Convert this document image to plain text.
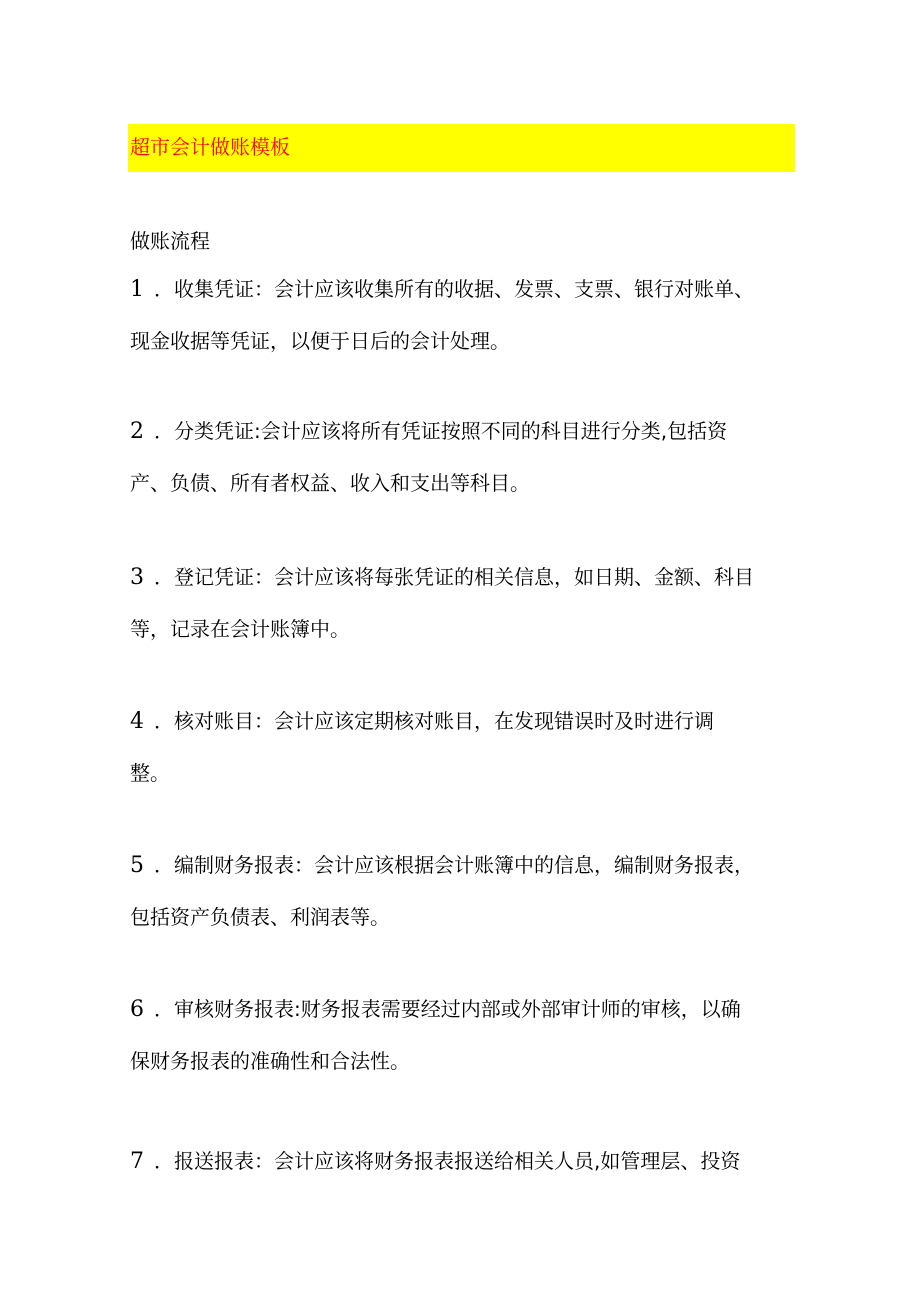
超市会计做账模板
做账流程
1 ．收集凭证：会计应该收集所有的收据、发票、支票、银行对账单、
现金收据等凭证，以便于日后的会计处理。
2 ．分类凭证:会计应该将所有凭证按照不同的科目进行分类,包括资
产、负债、所有者权益、收入和支出等科目。
3 ．登记凭证：会计应该将每张凭证的相关信息，如日期、金额、科目
等，记录在会计账簿中。
4 ．核对账目：会计应该定期核对账目，在发现错误时及时进行调
整。
5 ．编制财务报表：会计应该根据会计账簿中的信息，编制财务报表，
包括资产负债表、利润表等。
6 ．审核财务报表:财务报表需要经过内部或外部审计师的审核，以确
保财务报表的准确性和合法性。
7 ．报送报表：会计应该将财务报表报送给相关人员,如管理层、投资
